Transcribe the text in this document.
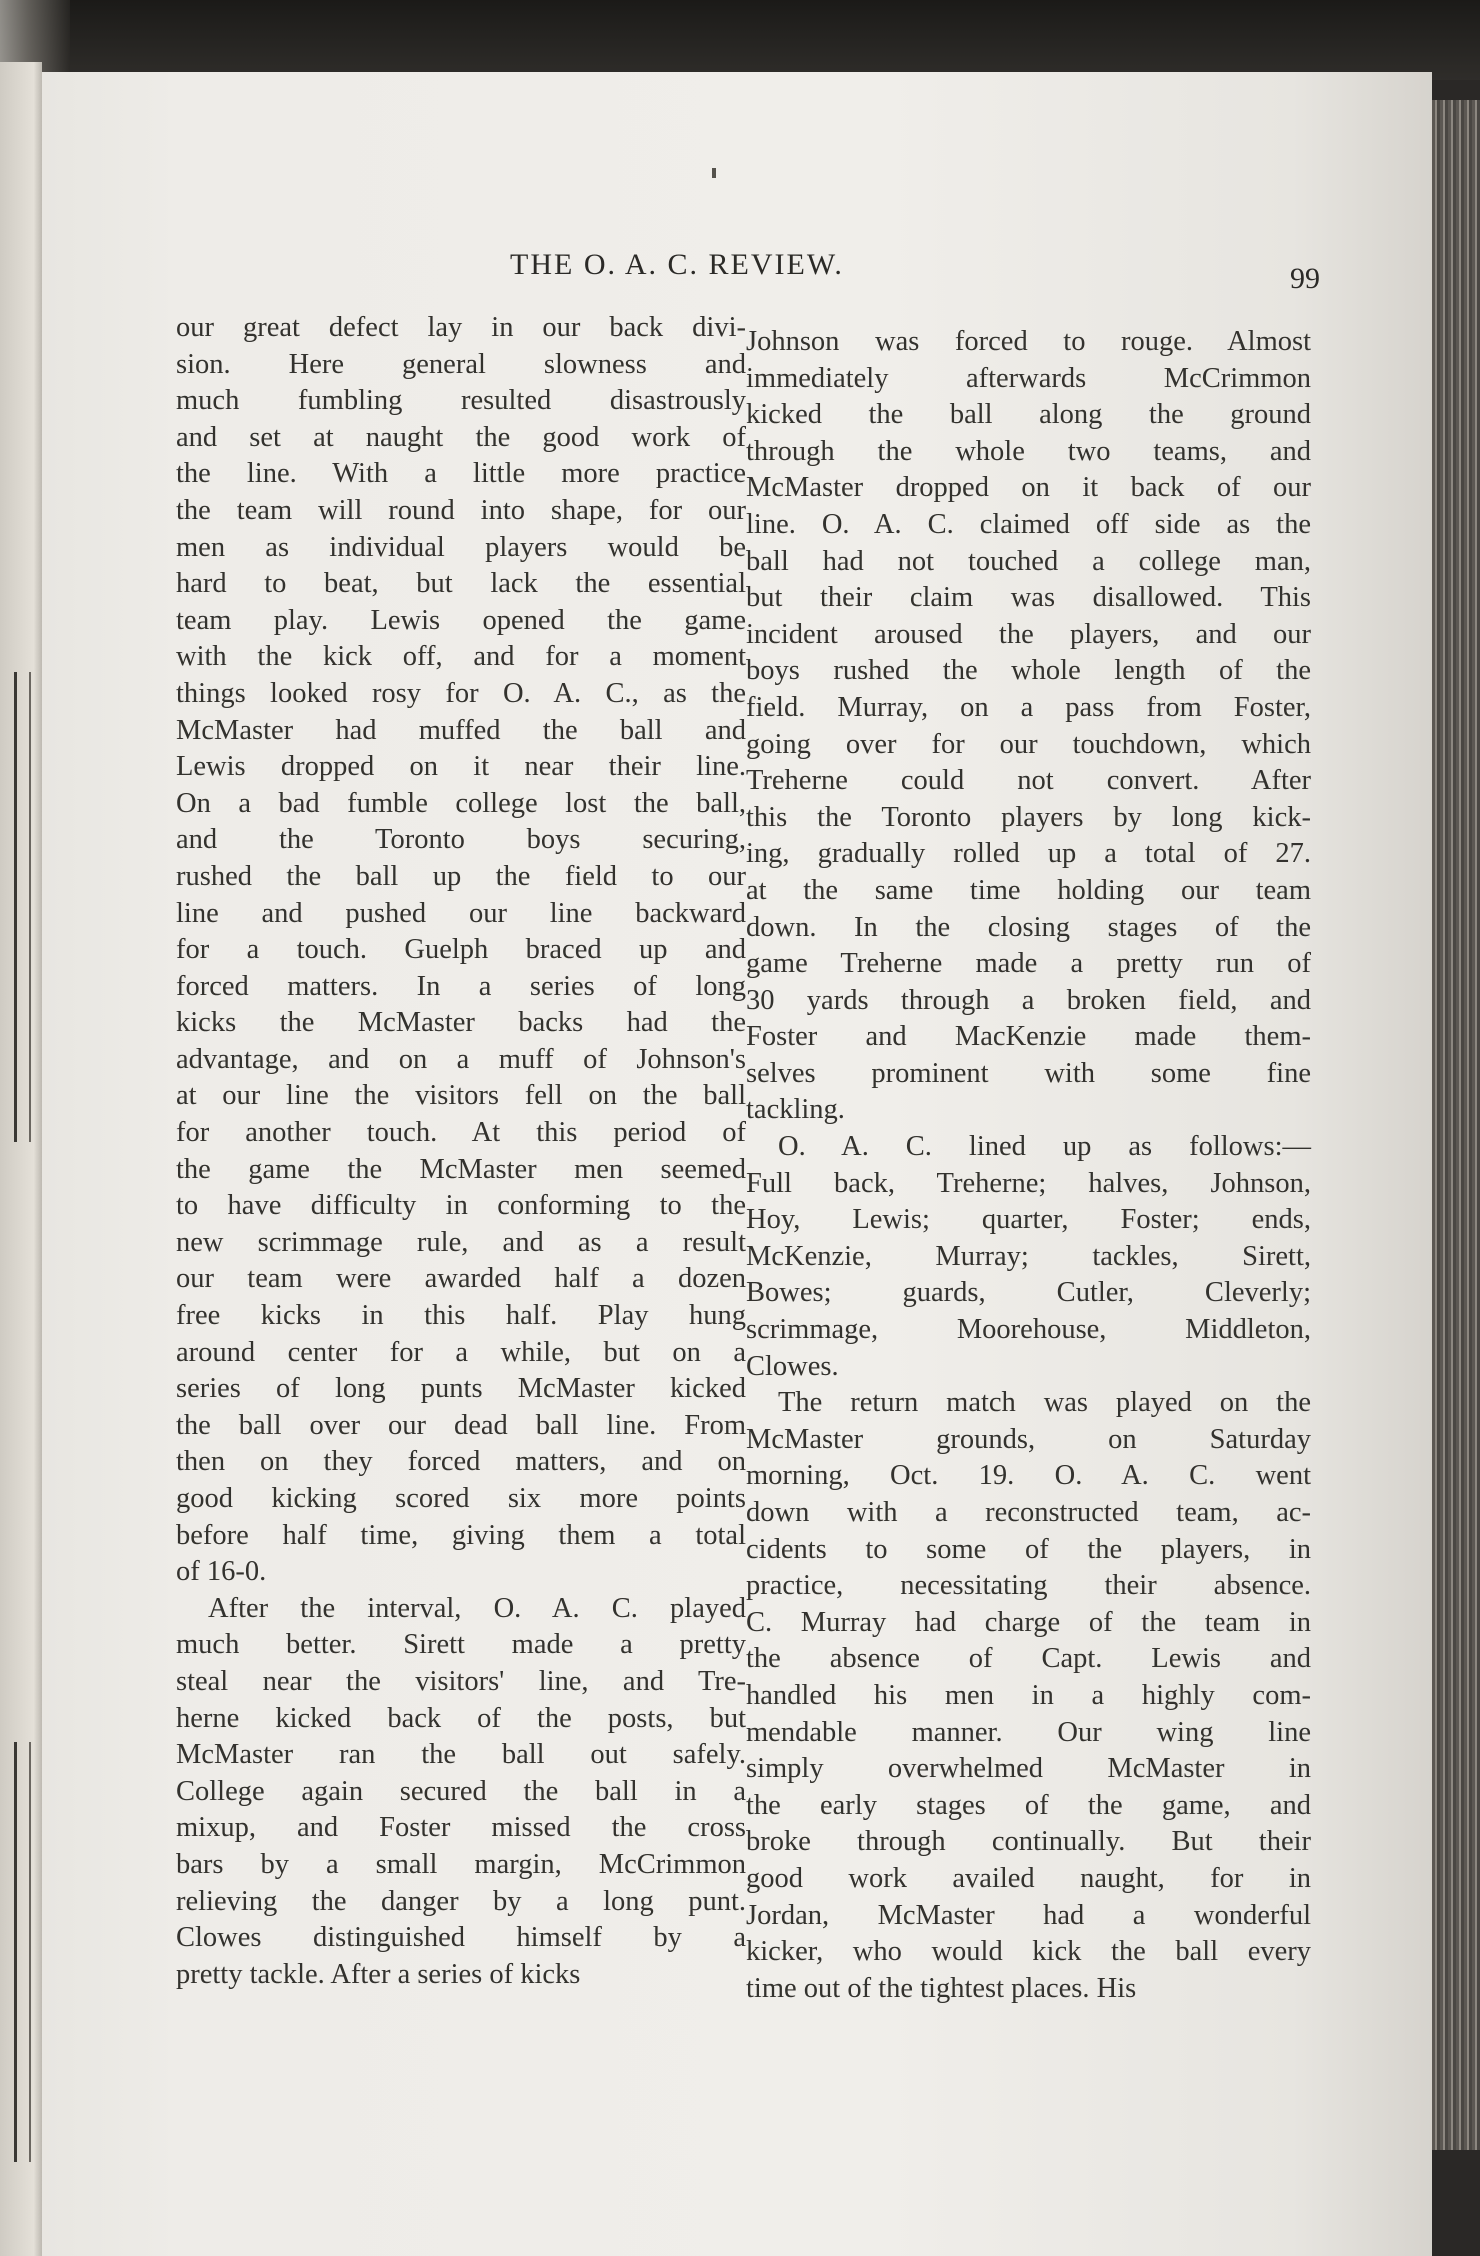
THE O. A. C. REVIEW.	99
our great defect lay in our back divi-
sion. Here general slowness and
much fumbling resulted disastrously
and set at naught the good work of
the line. With a little more practice
the team will round into shape, for our
men as individual players would be
hard to beat, but lack the essential
team play. Lewis opened the game
with the kick off, and for a moment
things looked rosy for O. A. C., as the
McMaster had muffed the ball and
Lewis dropped on it near their line.
On a bad fumble college lost the ball,
and the Toronto boys securing,
rushed the ball up the field to our
line and pushed our line backward
for a touch. Guelph braced up and
forced matters. In a series of long
kicks the McMaster backs had the
advantage, and on a muff of Johnson's
at our line the visitors fell on the ball
for another touch. At this period of
the game the McMaster men seemed
to have difficulty in conforming to the
new scrimmage rule, and as a result
our team were awarded half a dozen
free kicks in this half. Play hung
around center for a while, but on a
series of long punts McMaster kicked
the ball over our dead ball line. From
then on they forced matters, and on
good kicking scored six more points
before half time, giving them a total
of 16-0.
After the interval, O. A. C. played
much better. Sirett made a pretty
steal near the visitors' line, and Tre-
herne kicked back of the posts, but
McMaster ran the ball out safely.
College again secured the ball in a
mixup, and Foster missed the cross
bars by a small margin, McCrimmon
relieving the danger by a long punt.
Clowes distinguished himself by a
pretty tackle. After a series of kicks
Johnson was forced to rouge. Almost
immediately afterwards McCrimmon
kicked the ball along the ground
through the whole two teams, and
McMaster dropped on it back of our
line. O. A. C. claimed off side as the
ball had not touched a college man,
but their claim was disallowed. This
incident aroused the players, and our
boys rushed the whole length of the
field. Murray, on a pass from Foster,
going over for our touchdown, which
Treherne could not convert. After
this the Toronto players by long kick-
ing, gradually rolled up a total of 27.
at the same time holding our team
down. In the closing stages of the
game Treherne made a pretty run of
30 yards through a broken field, and
Foster and MacKenzie made them-
selves prominent with some fine
tackling.
O. A. C. lined up as follows:—
Full back, Treherne; halves, Johnson,
Hoy, Lewis; quarter, Foster; ends,
McKenzie, Murray; tackles, Sirett,
Bowes; guards, Cutler, Cleverly;
scrimmage, Moorehouse, Middleton,
Clowes.
The return match was played on the
McMaster grounds, on Saturday
morning, Oct. 19. O. A. C. went
down with a reconstructed team, ac-
cidents to some of the players, in
practice, necessitating their absence.
C. Murray had charge of the team in
the absence of Capt. Lewis and
handled his men in a highly com-
mendable manner. Our wing line
simply overwhelmed McMaster in
the early stages of the game, and
broke through continually. But their
good work availed naught, for in
Jordan, McMaster had a wonderful
kicker, who would kick the ball every
time out of the tightest places. His
